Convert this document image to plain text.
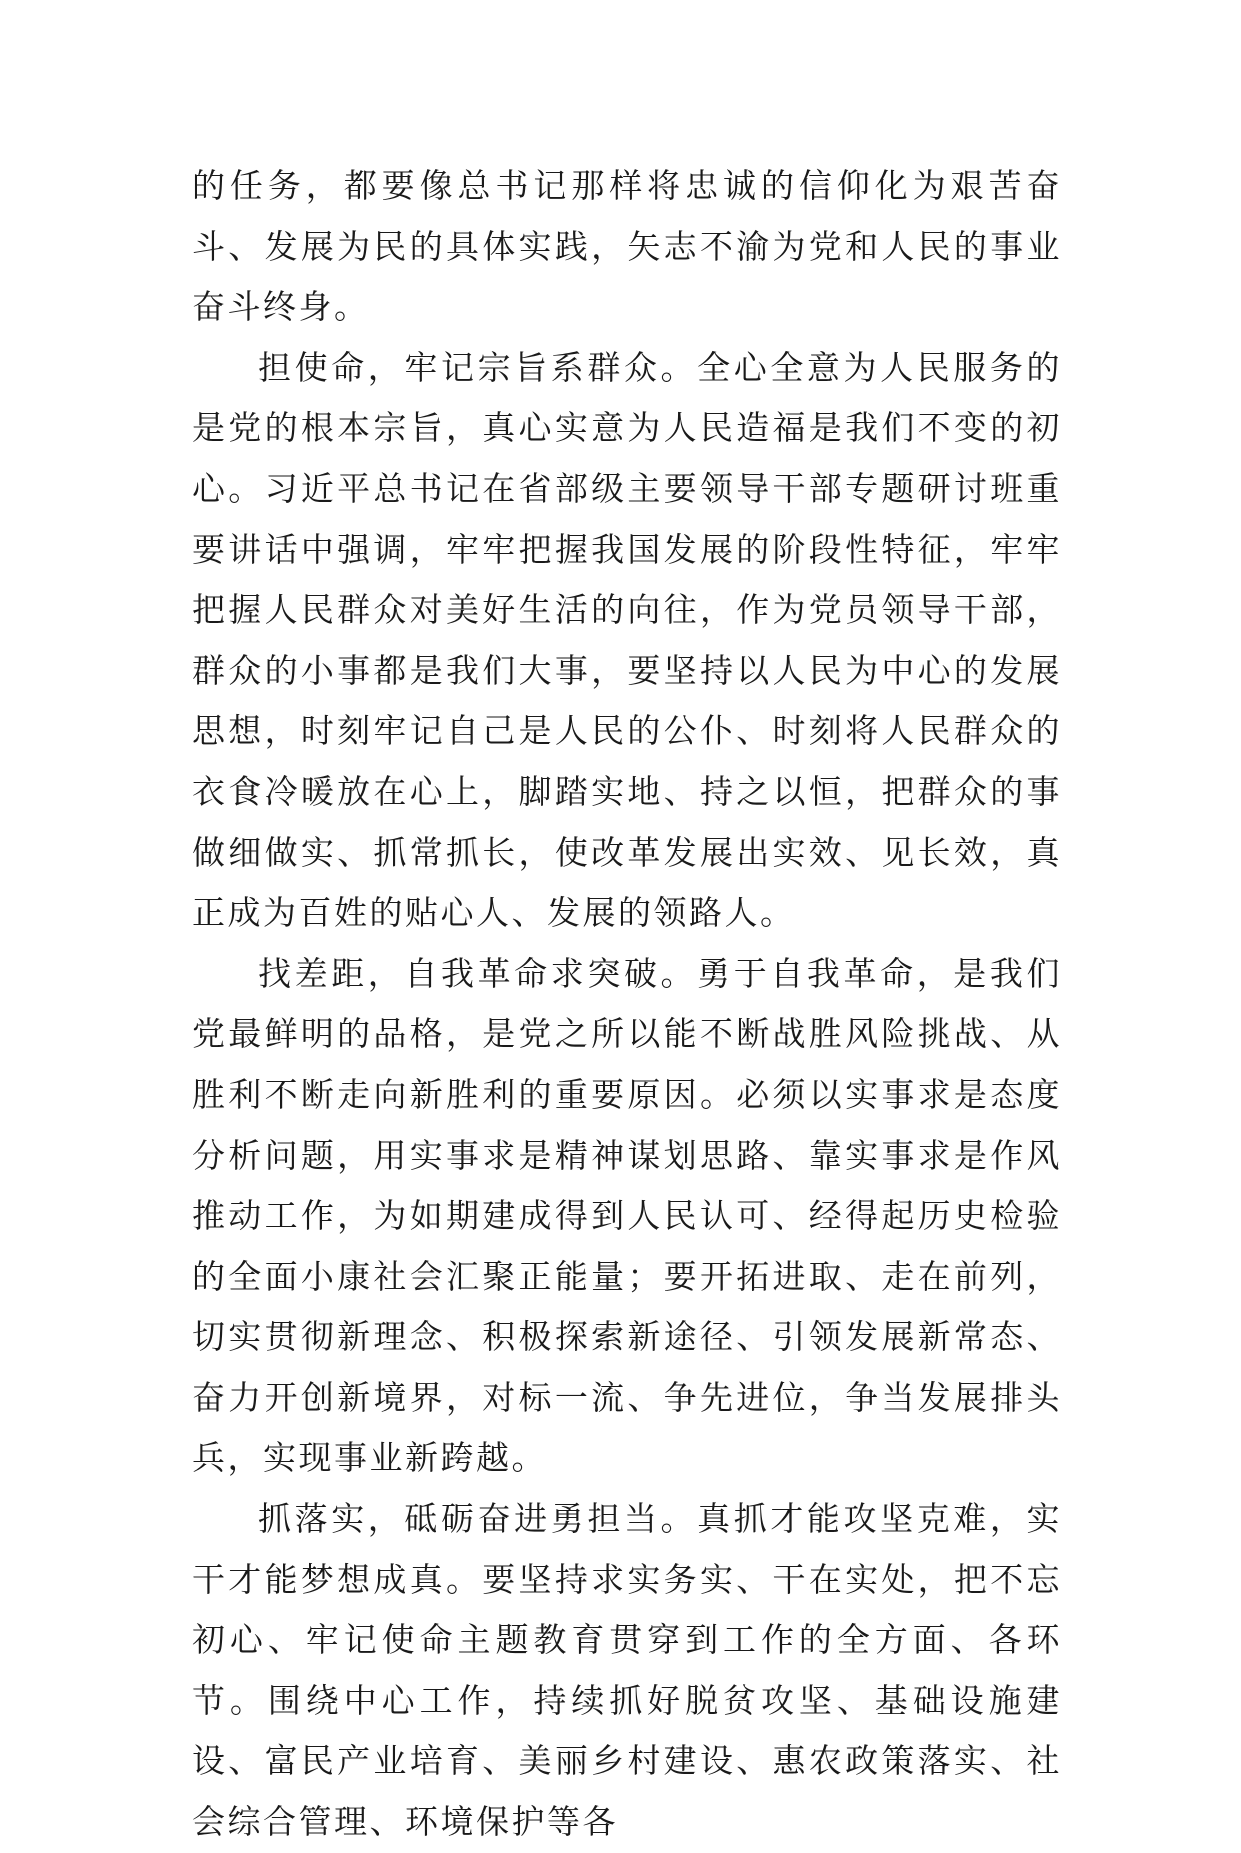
的任务，都要像总书记那样将忠诚的信仰化为艰苦奋斗、发展为民的具体实践，矢志不渝为党和人民的事业奋斗终身。

担使命，牢记宗旨系群众。全心全意为人民服务的是党的根本宗旨，真心实意为人民造福是我们不变的初心。习近平总书记在省部级主要领导干部专题研讨班重要讲话中强调，牢牢把握我国发展的阶段性特征，牢牢把握人民群众对美好生活的向往，作为党员领导干部，群众的小事都是我们大事，要坚持以人民为中心的发展思想，时刻牢记自己是人民的公仆、时刻将人民群众的衣食冷暖放在心上，脚踏实地、持之以恒，把群众的事做细做实、抓常抓长，使改革发展出实效、见长效，真正成为百姓的贴心人、发展的领路人。

找差距，自我革命求突破。勇于自我革命，是我们党最鲜明的品格，是党之所以能不断战胜风险挑战、从胜利不断走向新胜利的重要原因。必须以实事求是态度分析问题，用实事求是精神谋划思路、靠实事求是作风推动工作，为如期建成得到人民认可、经得起历史检验的全面小康社会汇聚正能量；要开拓进取、走在前列，切实贯彻新理念、积极探索新途径、引领发展新常态、奋力开创新境界，对标一流、争先进位，争当发展排头兵，实现事业新跨越。

抓落实，砥砺奋进勇担当。真抓才能攻坚克难，实干才能梦想成真。要坚持求实务实、干在实处，把不忘初心、牢记使命主题教育贯穿到工作的全方面、各环节。围绕中心工作，持续抓好脱贫攻坚、基础设施建设、富民产业培育、美丽乡村建设、惠农政策落实、社会综合管理、环境保护等各
